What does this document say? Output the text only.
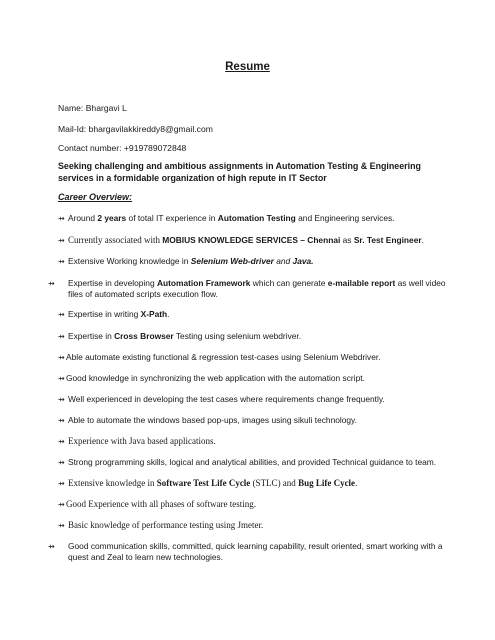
Resume
Name: Bhargavi L
Mail-Id: bhargavilakkireddy8@gmail.com
Contact number: +919789072848
Seeking challenging and ambitious assignments in Automation Testing & Engineering services in a formidable organization of high repute in IT Sector
Career Overview:
⇸ Around 2 years of total IT experience in Automation Testing and Engineering services.
⇸ Currently associated with MOBIUS KNOWLEDGE SERVICES – Chennai as Sr. Test Engineer.
⇸ Extensive Working knowledge in Selenium Web-driver and Java.
⇸ Expertise in developing Automation Framework which can generate e-mailable report as well video files of automated scripts execution flow.
⇸ Expertise in writing X-Path.
⇸ Expertise in Cross Browser Testing using selenium webdriver.
⇸Able automate existing functional & regression test-cases using Selenium Webdriver.
⇸Good knowledge in synchronizing the web application with the automation script.
⇸ Well experienced in developing the test cases where requirements change frequently.
⇸ Able to automate the windows based pop-ups, images using sikuli technology.
⇸ Experience with Java based applications.
⇸ Strong programming skills, logical and analytical abilities, and provided Technical guidance to team.
⇸ Extensive knowledge in Software Test Life Cycle (STLC) and Bug Life Cycle.
⇸Good Experience with all phases of software testing.
⇸ Basic knowledge of performance testing using Jmeter.
⇸ Good communication skills, committed, quick learning capability, result oriented, smart working with a quest and Zeal to learn new technologies.
